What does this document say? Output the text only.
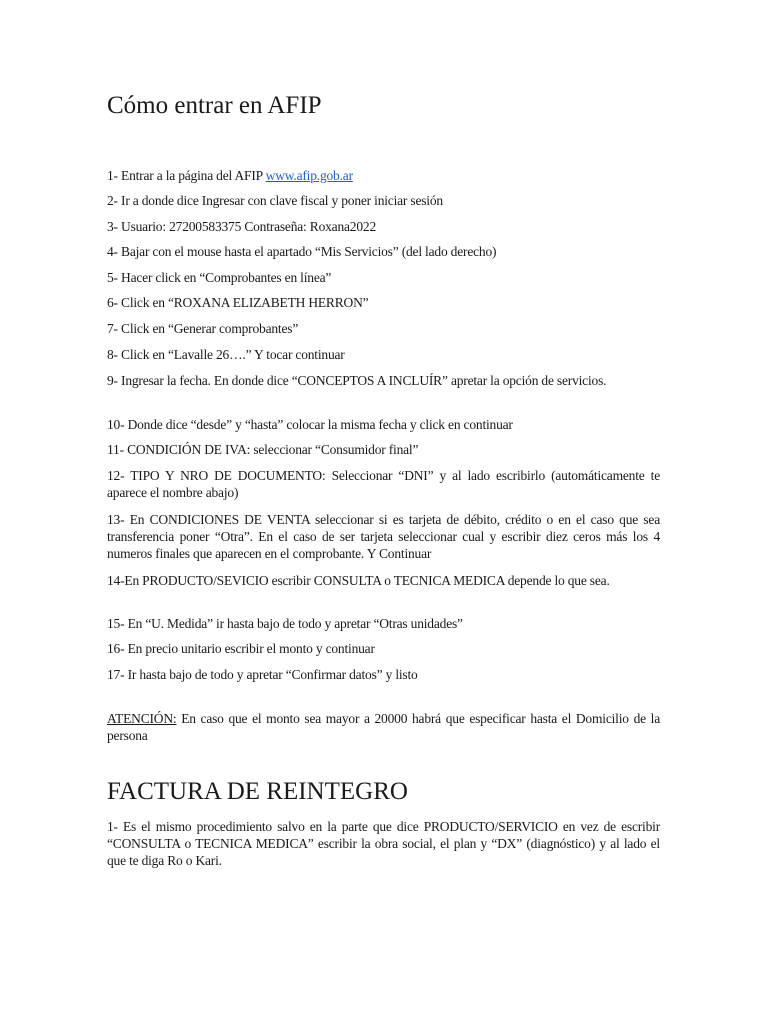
Cómo entrar en AFIP

1- Entrar a la página del AFIP www.afip.gob.ar

2- Ir a donde dice Ingresar con clave fiscal y poner iniciar sesión

3- Usuario: 27200583375 Contraseña: Roxana2022

4- Bajar con el mouse hasta el apartado “Mis Servicios” (del lado derecho)

5- Hacer click en “Comprobantes en línea”

6- Click en “ROXANA ELIZABETH HERRON”

7- Click en “Generar comprobantes”

8- Click en “Lavalle 26….” Y tocar continuar

9- Ingresar la fecha. En donde dice “CONCEPTOS A INCLUÍR” apretar la opción de servicios.

10- Donde dice “desde” y “hasta” colocar la misma fecha y click en continuar

11- CONDICIÓN DE IVA: seleccionar “Consumidor final”

12- TIPO Y NRO DE DOCUMENTO: Seleccionar “DNI” y al lado escribirlo (automáticamente te aparece el nombre abajo)

13- En CONDICIONES DE VENTA seleccionar si es tarjeta de débito, crédito o en el caso que sea transferencia poner “Otra”. En el caso de ser tarjeta seleccionar cual y escribir diez ceros más los 4 numeros finales que aparecen en el comprobante. Y Continuar

14-En PRODUCTO/SEVICIO escribir CONSULTA o TECNICA MEDICA depende lo que sea.

15- En “U. Medida” ir hasta bajo de todo y apretar “Otras unidades”

16- En precio unitario escribir el monto y continuar

17- Ir hasta bajo de todo y apretar “Confirmar datos” y listo

ATENCIÓN: En caso que el monto sea mayor a 20000 habrá que especificar hasta el Domicilio de la persona

FACTURA DE REINTEGRO

1- Es el mismo procedimiento salvo en la parte que dice PRODUCTO/SERVICIO en vez de escribir “CONSULTA o TECNICA MEDICA” escribir la obra social, el plan y “DX” (diagnóstico) y al lado el que te diga Ro o Kari.
